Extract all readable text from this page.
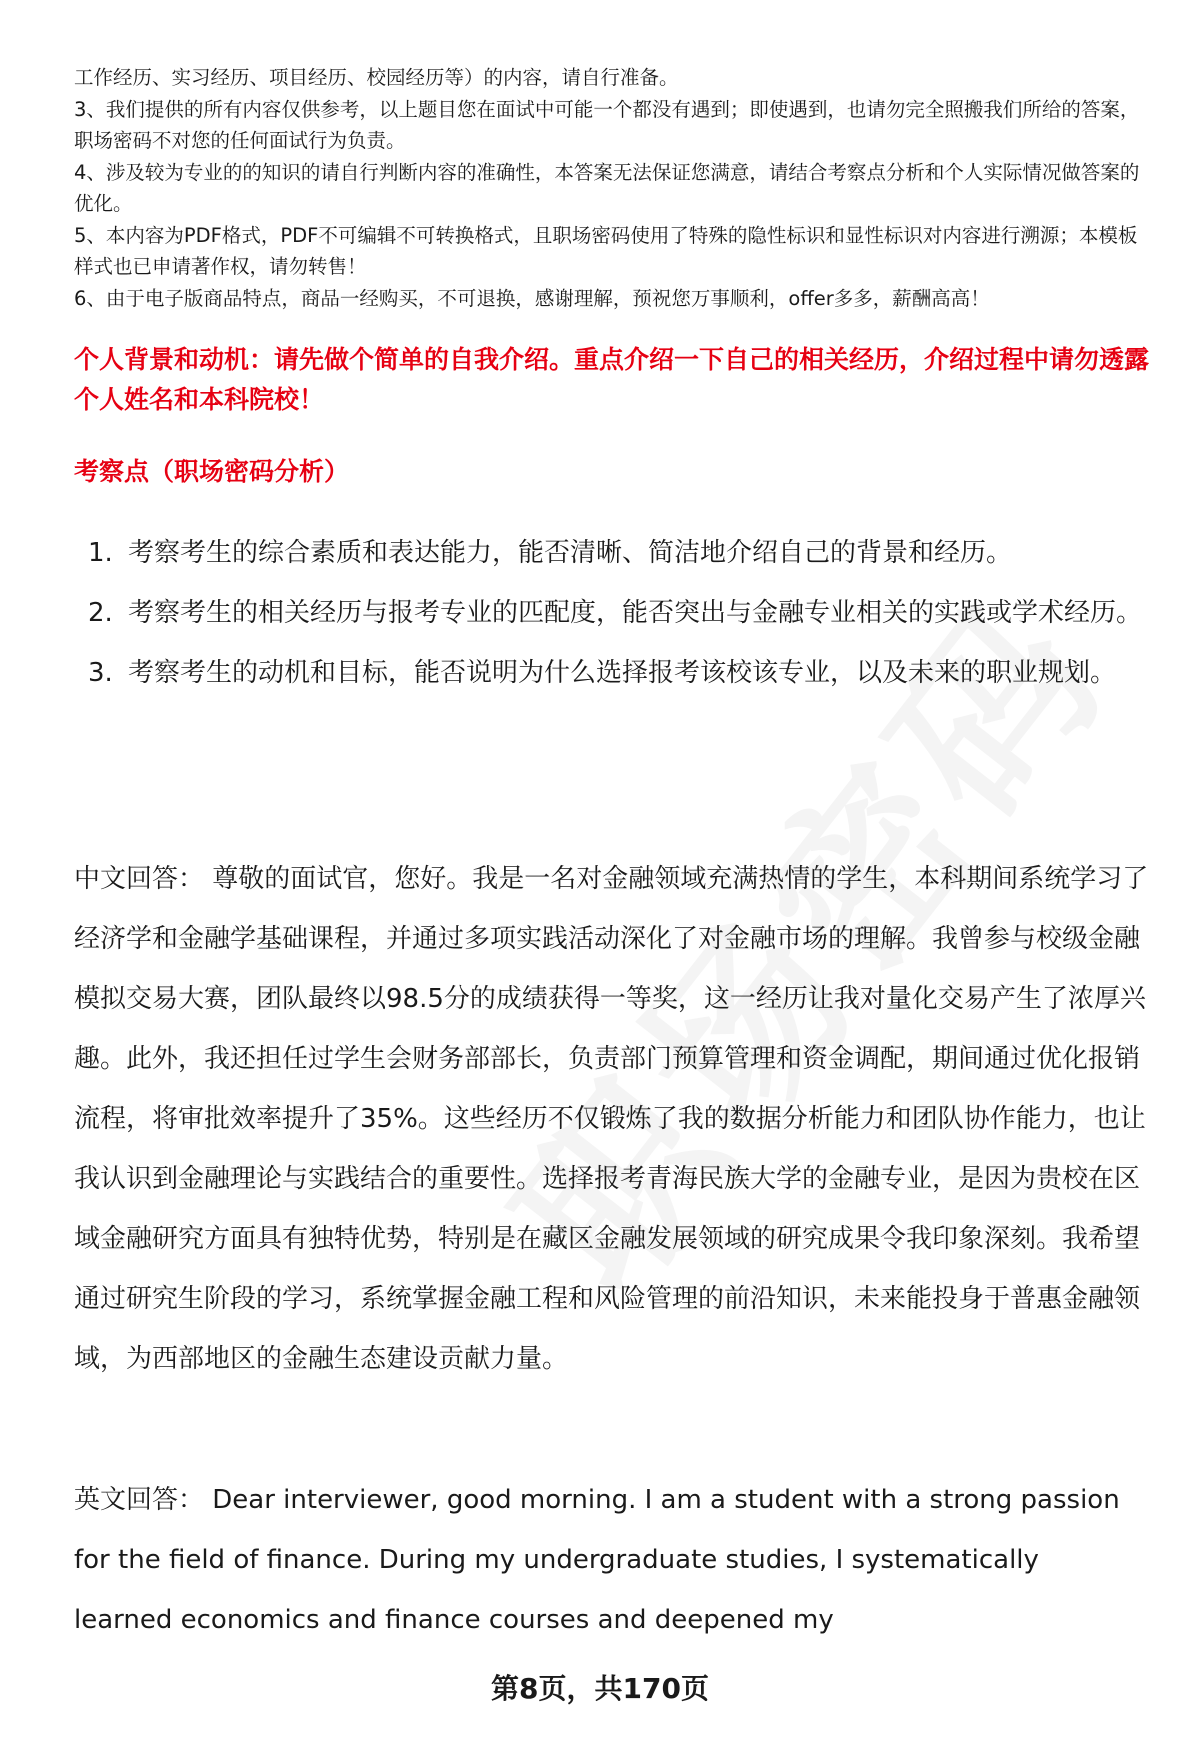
工作经历、实习经历、项目经历、校园经历等）的内容，请自行准备。

3、我们提供的所有内容仅供参考，以上题目您在面试中可能一个都没有遇到；即使遇到，也请勿完全照搬我们所给的答案，职场密码不对您的任何面试行为负责。

4、涉及较为专业的的知识的请自行判断内容的准确性，本答案无法保证您满意，请结合考察点分析和个人实际情况做答案的优化。

5、本内容为PDF格式，PDF不可编辑不可转换格式，且职场密码使用了特殊的隐性标识和显性标识对内容进行溯源；本模板样式也已申请著作权，请勿转售！

6、由于电子版商品特点，商品一经购买，不可退换，感谢理解，预祝您万事顺利，offer多多，薪酬高高！

个人背景和动机：请先做个简单的自我介绍。重点介绍一下自己的相关经历，介绍过程中请勿透露个人姓名和本科院校！
考察点（职场密码分析）
1. 考察考生的综合素质和表达能力，能否清晰、简洁地介绍自己的背景和经历。
2. 考察考生的相关经历与报考专业的匹配度，能否突出与金融专业相关的实践或学术经历。
3. 考察考生的动机和目标，能否说明为什么选择报考该校该专业，以及未来的职业规划。

中文回答： 尊敬的面试官，您好。我是一名对金融领域充满热情的学生，本科期间系统学习了经济学和金融学基础课程，并通过多项实践活动深化了对金融市场的理解。我曾参与校级金融模拟交易大赛，团队最终以98.5分的成绩获得一等奖，这一经历让我对量化交易产生了浓厚兴趣。此外，我还担任过学生会财务部部长，负责部门预算管理和资金调配，期间通过优化报销流程，将审批效率提升了35%。这些经历不仅锻炼了我的数据分析能力和团队协作能力，也让我认识到金融理论与实践结合的重要性。选择报考青海民族大学的金融专业，是因为贵校在区域金融研究方面具有独特优势，特别是在藏区金融发展领域的研究成果令我印象深刻。我希望通过研究生阶段的学习，系统掌握金融工程和风险管理的前沿知识，未来能投身于普惠金融领域，为西部地区的金融生态建设贡献力量。

英文回答： Dear interviewer, good morning. I am a student with a strong passion for the field of finance. During my undergraduate studies, I systematically learned economics and finance courses and deepened my

第8页，共170页
